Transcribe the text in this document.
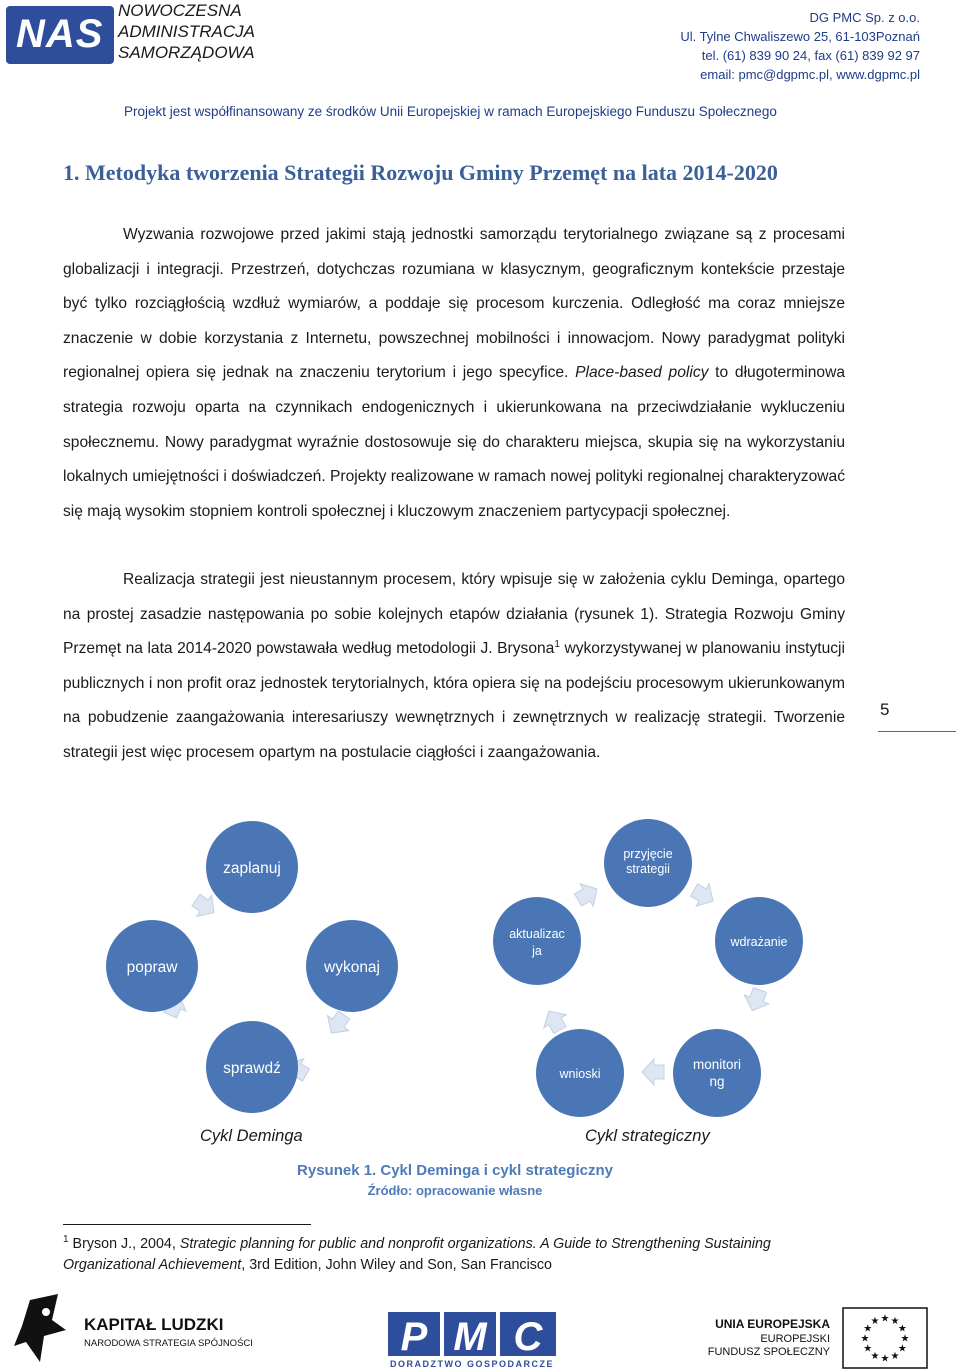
NAS
NOWOCZESNA
ADMINISTRACJA
SAMORZĄDOWA
DG PMC Sp. z o.o.
Ul. Tylne Chwaliszewo 25, 61-103Poznań
tel. (61) 839 90 24, fax (61) 839 92 97
email: pmc@dgpmc.pl, www.dgpmc.pl
Projekt jest współfinansowany ze środków Unii Europejskiej w ramach Europejskiego Funduszu Społecznego
1. Metodyka tworzenia Strategii Rozwoju Gminy Przemęt na lata 2014-2020
Wyzwania rozwojowe przed jakimi stają jednostki samorządu terytorialnego związane są z procesami globalizacji i integracji. Przestrzeń, dotychczas rozumiana w klasycznym, geograficznym kontekście przestaje być tylko rozciągłością wzdłuż wymiarów, a poddaje się procesom kurczenia. Odległość ma coraz mniejsze znaczenie w dobie korzystania z Internetu, powszechnej mobilności i innowacjom. Nowy paradygmat polityki regionalnej opiera się jednak na znaczeniu terytorium i jego specyfice. Place-based policy to długoterminowa strategia rozwoju oparta na czynnikach endogenicznych i ukierunkowana na przeciwdziałanie wykluczeniu społecznemu. Nowy paradygmat wyraźnie dostosowuje się do charakteru miejsca, skupia się na wykorzystaniu lokalnych umiejętności i doświadczeń. Projekty realizowane w ramach nowej polityki regionalnej charakteryzować się mają wysokim stopniem kontroli społecznej i kluczowym znaczeniem partycypacji społecznej.
Realizacja strategii jest nieustannym procesem, który wpisuje się w założenia cyklu Deminga, opartego na prostej zasadzie następowania po sobie kolejnych etapów działania (rysunek 1). Strategia Rozwoju Gminy Przemęt na lata 2014-2020 powstawała według metodologii J. Brysona$^1$ wykorzystywanej w planowaniu instytucji publicznych i non profit oraz jednostek terytorialnych, która opiera się na podejściu procesowym ukierunkowanym na pobudzenie zaangażowania interesariuszy wewnętrznych i zewnętrznych w realizację strategii. Tworzenie strategii jest więc procesem opartym na postulacie ciągłości i zaangażowania.
5
zaplanuj
wykonaj
sprawdź
popraw
przyjęcie
strategii
wdrażanie
monitori
ng
wnioski
aktualizac
ja
Cykl Deminga	Cykl strategiczny
Rysunek 1. Cykl Deminga i cykl strategiczny
Źródło: opracowanie własne
$^1$ Bryson J., 2004, Strategic planning for public and nonprofit organizations. A Guide to Strengthening Sustaining Organizational Achievement, 3rd Edition, John Wiley and Son, San Francisco
KAPITAŁ LUDZKI
NARODOWA STRATEGIA SPÓJNOŚCI	P M C
DORADZTWO GOSPODARCZE
UNIA EUROPEJSKA
EUROPEJSKI
FUNDUSZ SPOŁECZNY
★ ★
★
★
★
★
★
★
★
★
★
★
